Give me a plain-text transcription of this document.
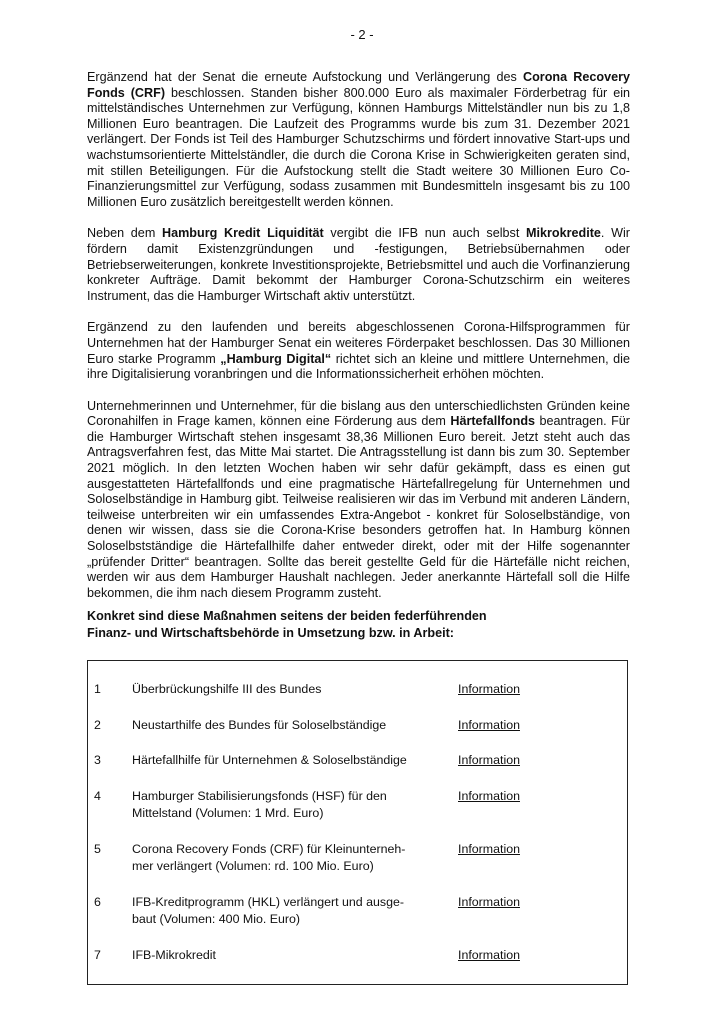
- 2 -

Ergänzend hat der Senat die erneute Aufstockung und Verlängerung des Corona Recovery Fonds (CRF) beschlossen. Standen bisher 800.000 Euro als maximaler Förderbetrag für ein mittelständisches Unternehmen zur Verfügung, können Hamburgs Mittelständler nun bis zu 1,8 Millionen Euro beantragen. Die Laufzeit des Programms wurde bis zum 31. Dezember 2021 verlängert. Der Fonds ist Teil des Hamburger Schutzschirms und fördert innovative Start-ups und wachstumsorientierte Mittelständler, die durch die Corona Krise in Schwierigkeiten geraten sind, mit stillen Beteiligungen. Für die Aufstockung stellt die Stadt weitere 30 Millionen Euro Co-Finanzierungsmittel zur Verfügung, sodass zusammen mit Bundesmitteln insgesamt bis zu 100 Millionen Euro zusätzlich bereitgestellt werden können.

Neben dem Hamburg Kredit Liquidität vergibt die IFB nun auch selbst Mikrokredite. Wir fördern damit Existenzgründungen und -festigungen, Betriebsübernahmen oder Betriebserweiterungen, konkrete Investitionsprojekte, Betriebsmittel und auch die Vorfinanzierung konkreter Aufträge. Damit bekommt der Hamburger Corona-Schutzschirm ein weiteres Instrument, das die Hamburger Wirtschaft aktiv unterstützt.

Ergänzend zu den laufenden und bereits abgeschlossenen Corona-Hilfsprogrammen für Unternehmen hat der Hamburger Senat ein weiteres Förderpaket beschlossen. Das 30 Millionen Euro starke Programm „Hamburg Digital“ richtet sich an kleine und mittlere Unternehmen, die ihre Digitalisierung voranbringen und die Informationssicherheit erhöhen möchten.

Unternehmerinnen und Unternehmer, für die bislang aus den unterschiedlichsten Gründen keine Coronahilfen in Frage kamen, können eine Förderung aus dem Härtefallfonds beantragen. Für die Hamburger Wirtschaft stehen insgesamt 38,36 Millionen Euro bereit. Jetzt steht auch das Antragsverfahren fest, das Mitte Mai startet. Die Antragsstellung ist dann bis zum 30. September 2021 möglich. In den letzten Wochen haben wir sehr dafür gekämpft, dass es einen gut ausgestatteten Härtefallfonds und eine pragmatische Härtefallregelung für Unternehmen und Soloselbständige in Hamburg gibt. Teilweise realisieren wir das im Verbund mit anderen Ländern, teilweise unterbreiten wir ein umfassendes Extra-Angebot - konkret für Soloselbständige, von denen wir wissen, dass sie die Corona-Krise besonders getroffen hat. In Hamburg können Soloselbstständige die Härtefallhilfe daher entweder direkt, oder mit der Hilfe sogenannter „prüfender Dritter“ beantragen. Sollte das bereit gestellte Geld für die Härtefälle nicht reichen, werden wir aus dem Hamburger Haushalt nachlegen. Jeder anerkannte Härtefall soll die Hilfe bekommen, die ihm nach diesem Programm zusteht.

Konkret sind diese Maßnahmen seitens der beiden federführenden
Finanz- und Wirtschaftsbehörde in Umsetzung bzw. in Arbeit:
1	Überbrückungshilfe III des Bundes	Information
2	Neustarthilfe des Bundes für Soloselbständige	Information
3	Härtefallhilfe für Unternehmen & Soloselbständige	Information
4	Hamburger Stabilisierungsfonds (HSF) für den
Mittelstand (Volumen: 1 Mrd. Euro)
Information
5	Corona Recovery Fonds (CRF) für Kleinunterneh-
mer verlängert (Volumen: rd. 100 Mio. Euro)
Information
6	IFB-Kreditprogramm (HKL) verlängert und ausge-
baut (Volumen: 400 Mio. Euro)
Information
7	IFB-Mikrokredit	Information
